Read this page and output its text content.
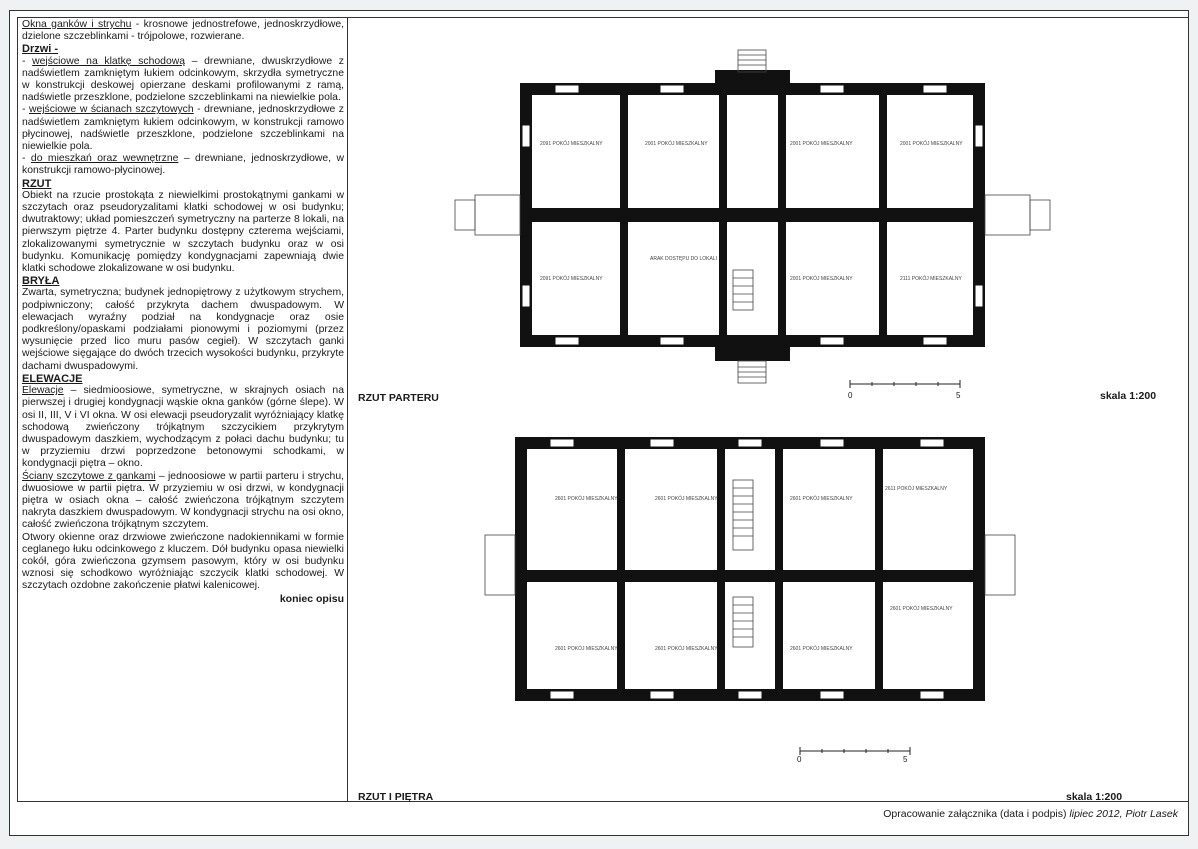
Okna ganków i strychu - krosnowe jednostrefowe, jednoskrzydłowe, dzielone szczeblinkami - trójpolowe, rozwierane.

Drzwi -

- wejściowe na klatkę schodową – drewniane, dwuskrzydłowe z nadświetlem zamkniętym łukiem odcinkowym, skrzydła symetryczne w konstrukcji deskowej opierzane deskami profilowanymi z ramą, nadświetle przeszklone, podzielone szczeblinkami na niewielkie pola.

- wejściowe w ścianach szczytowych - drewniane, jednoskrzydłowe z nadświetlem zamkniętym łukiem odcinkowym, w konstrukcji ramowo płycinowej, nadświetle przeszklone, podzielone szczeblinkami na niewielkie pola.

- do mieszkań oraz wewnętrzne – drewniane, jednoskrzydłowe, w konstrukcji ramowo-płycinowej.

RZUT

Obiekt na rzucie prostokąta z niewielkimi prostokątnymi gankami w szczytach oraz pseudoryzalitami klatki schodowej w osi budynku; dwutraktowy; układ pomieszczeń symetryczny na parterze 8 lokali, na pierwszym piętrze 4. Parter budynku dostępny czterema wejściami, zlokalizowanymi symetrycznie w szczytach budynku oraz w osi budynku. Komunikację pomiędzy kondygnacjami zapewniają dwie klatki schodowe zlokalizowane w osi budynku.

BRYŁA

Zwarta, symetryczna; budynek jednopiętrowy z użytkowym strychem, podpiwniczony; całość przykryta dachem dwuspadowym. W elewacjach wyraźny podział na kondygnacje oraz osie podkreślony/opaskami podziałami pionowymi i poziomymi (przez wysunięcie przed lico muru pasów cegieł). W szczytach ganki wejściowe sięgające do dwóch trzecich wysokości budynku, przykryte dachami dwuspadowymi.

ELEWACJE

Elewacje – siedmioosiowe, symetryczne, w skrajnych osiach na pierwszej i drugiej kondygnacji wąskie okna ganków (górne ślepe). W osi II, III, V i VI okna. W osi elewacji pseudoryzalit wyróżniający klatkę schodową zwieńczony trójkątnym szczycikiem przykrytym dwuspadowym daszkiem, wychodzącym z połaci dachu budynku; tu w przyziemiu drzwi poprzedzone betonowymi schodkami, w kondygnacji piętra – okno.

Ściany szczytowe z gankami – jednoosiowe w partii parteru i strychu, dwuosiowe w partii piętra. W przyziemiu w osi drzwi, w kondygnacji piętra w osiach okna – całość zwieńczona trójkątnym szczytem nakryta daszkiem dwuspadowym. W kondygnacji strychu na osi okno, całość zwieńczona trójkątnym szczytem.

Otwory okienne oraz drzwiowe zwieńczone nadokiennikami w formie ceglanego łuku odcinkowego z kluczem. Dół budynku opasa niewielki cokół, góra zwieńczona gzymsem pasowym, który w osi budynku wznosi się schodkowo wyróżniając szczycik klatki schodowej. W szczytach ozdobne zakończenie płatwi kalenicowej.

koniec opisu

2091 POKÓJ MIESZKALNY	2001 POKÓJ MIESZKALNY	2001 POKÓJ MIESZKALNY	2001 POKÓJ MIESZKALNY
2091 POKÓJ MIESZKALNY
ARAK DOSTĘPU DO LOKALI
2001 POKÓJ MIESZKALNY	2111 POKÓJ MIESZKALNY
0	5
RZUT PARTERU	skala 1:200
2601 POKÓJ MIESZKALNY	2601 POKÓJ MIESZKALNY	2601 POKÓJ MIESZKALNY
2611 POKÓJ MIESZKALNY
2601 POKÓJ MIESZKALNY	2601 POKÓJ MIESZKALNY	2601 POKÓJ MIESZKALNY
2601 POKÓJ MIESZKALNY
0	5
RZUT I PIĘTRA	skala 1:200
Opracowanie załącznika (data i podpis) lipiec 2012, Piotr Lasek
